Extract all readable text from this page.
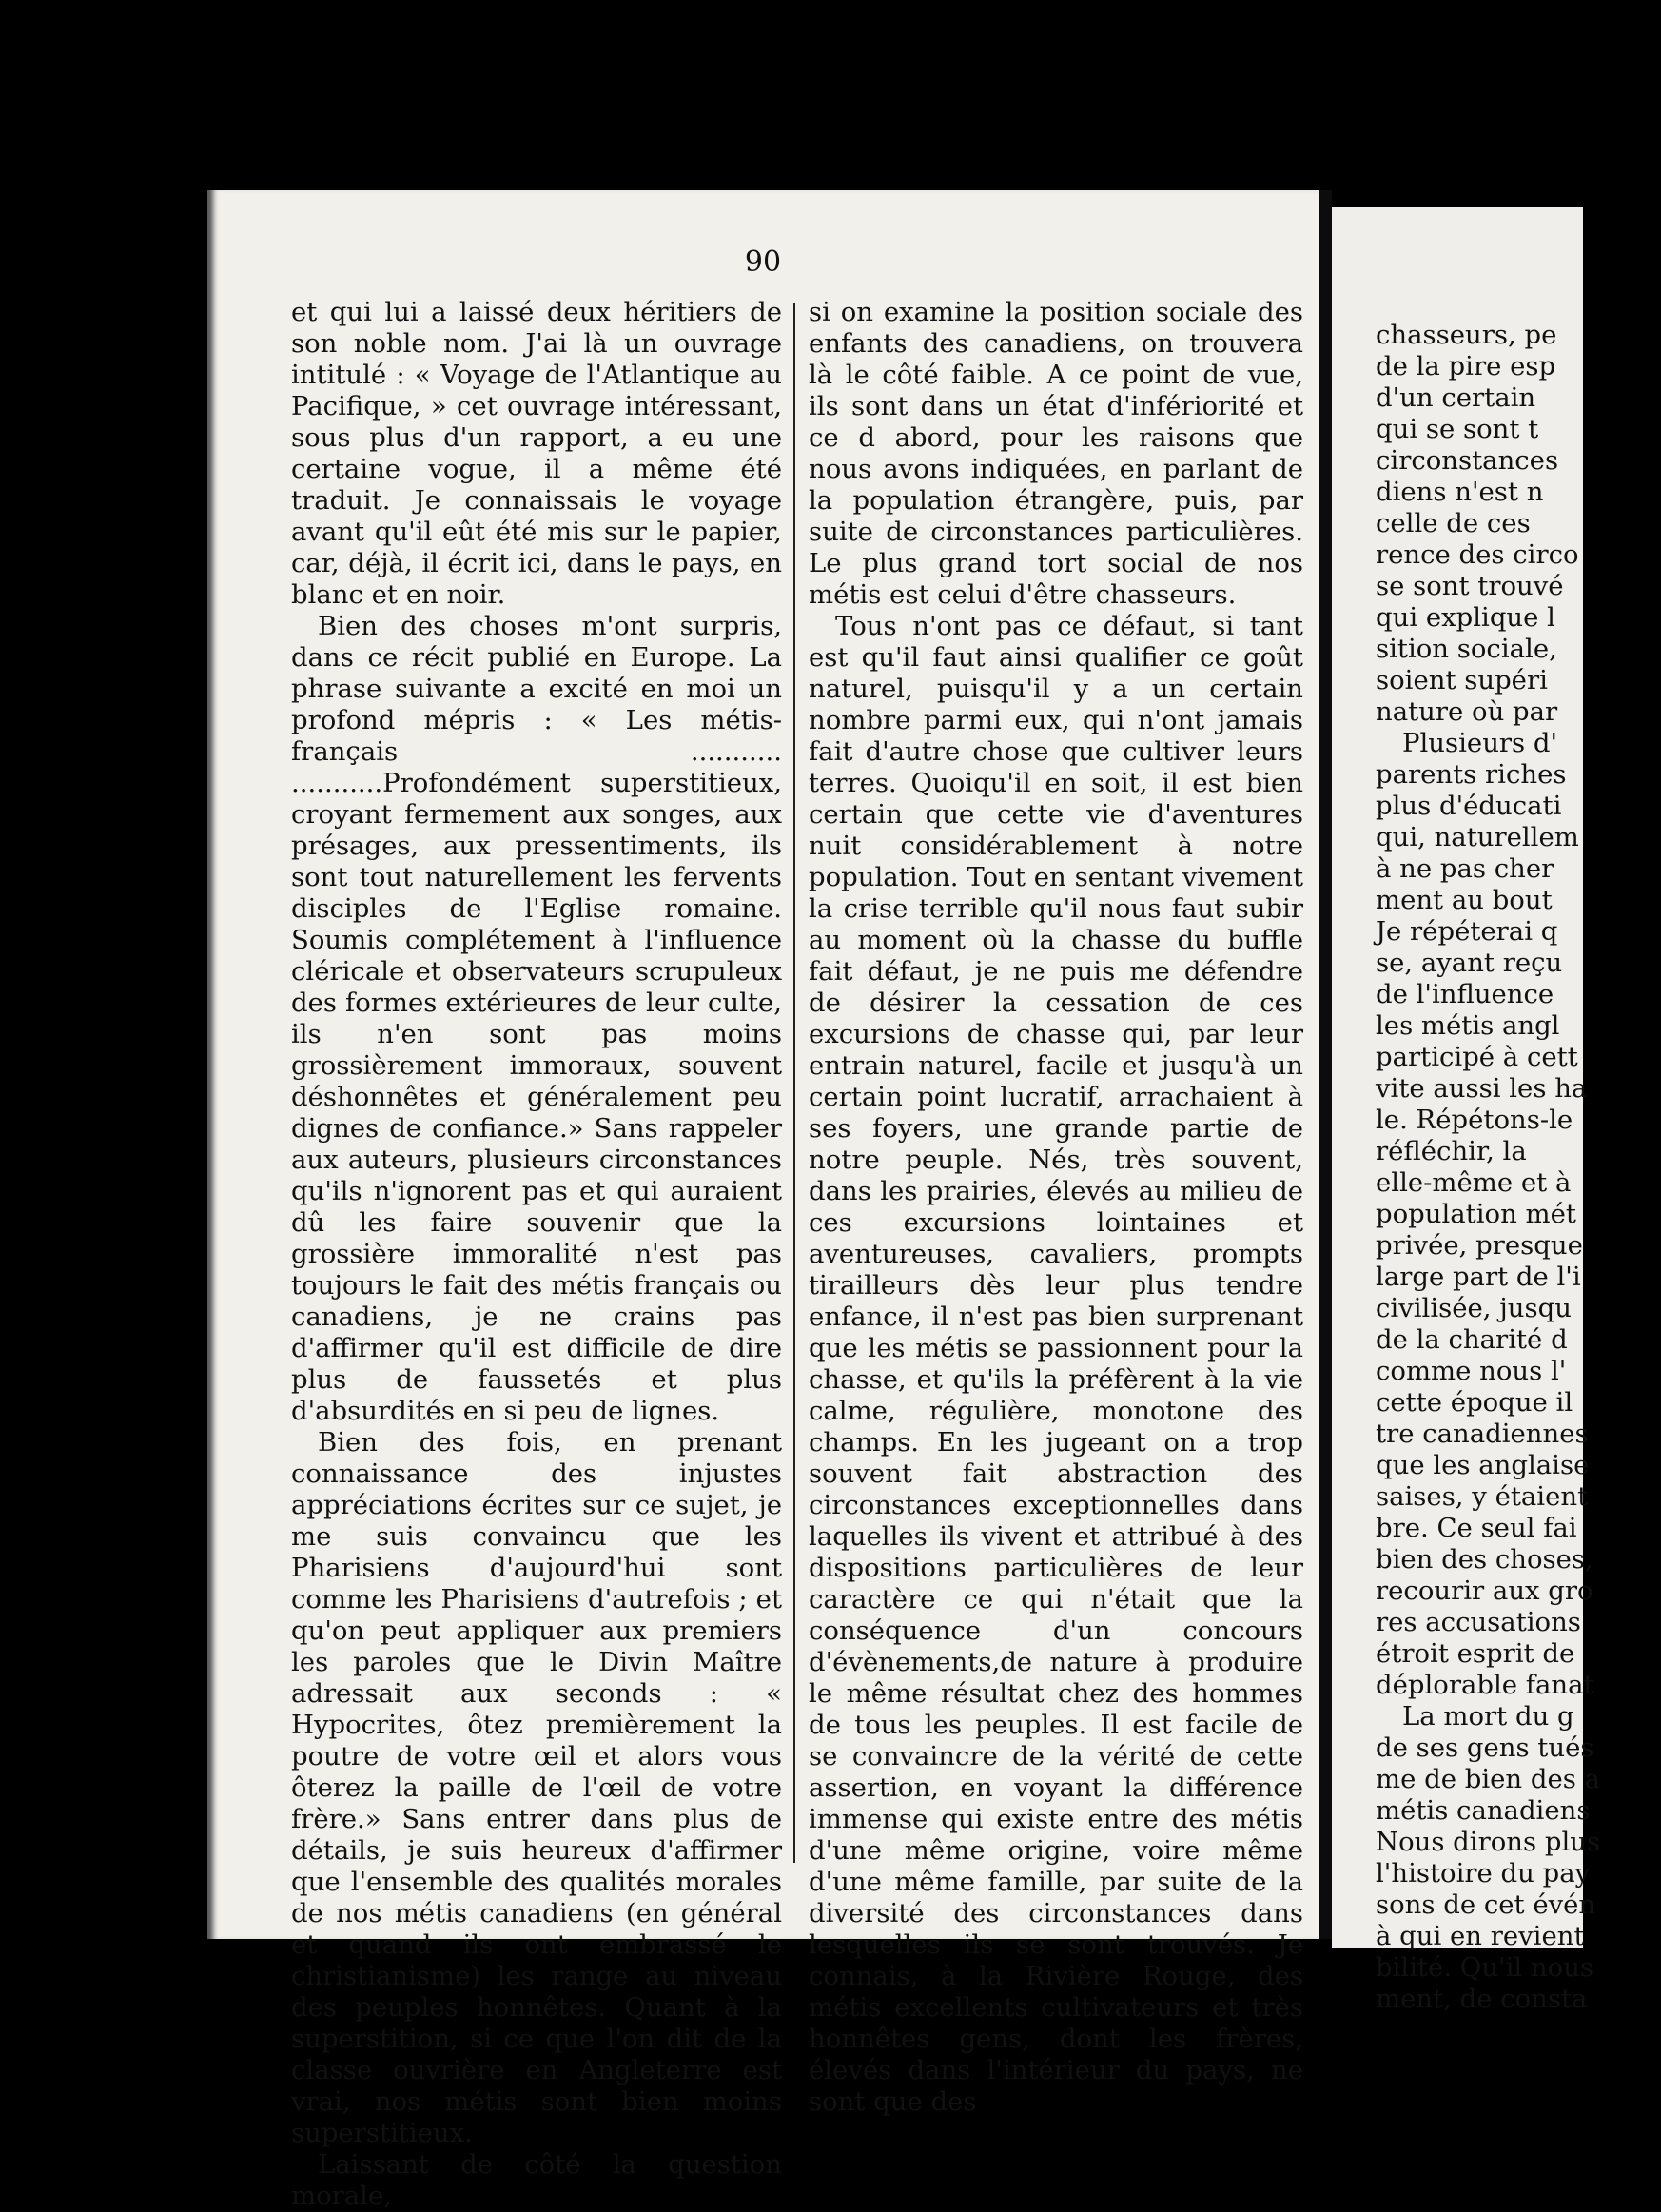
90

et qui lui a laissé deux héritiers de son noble nom. J'ai là un ouvrage intitulé : « Voyage de l'Atlantique au Pacifique, » cet ouvrage intéressant, sous plus d'un rapport, a eu une certaine vogue, il a même été traduit. Je connaissais le voyage avant qu'il eût été mis sur le papier, car, déjà, il écrit ici, dans le pays, en blanc et en noir.

Bien des choses m'ont surpris, dans ce récit publié en Europe. La phrase suivante a excité en moi un profond mépris : « Les métis-français ........... ...........Profondément superstitieux, croyant fermement aux songes, aux présages, aux pressentiments, ils sont tout naturellement les fervents disciples de l'Eglise romaine. Soumis complétement à l'influence cléricale et observateurs scrupuleux des formes extérieures de leur culte, ils n'en sont pas moins grossièrement immoraux, souvent déshonnêtes et généralement peu dignes de confiance.» Sans rappeler aux auteurs, plusieurs circonstances qu'ils n'ignorent pas et qui auraient dû les faire souvenir que la grossière immoralité n'est pas toujours le fait des métis français ou canadiens, je ne crains pas d'affirmer qu'il est difficile de dire plus de faussetés et plus d'absurdités en si peu de lignes.

Bien des fois, en prenant connaissance des injustes appréciations écrites sur ce sujet, je me suis convaincu que les Pharisiens d'aujourd'hui sont comme les Pharisiens d'autrefois ; et qu'on peut appliquer aux premiers les paroles que le Divin Maître adressait aux seconds : « Hypocrites, ôtez premièrement la poutre de votre œil et alors vous ôterez la paille de l'œil de votre frère.» Sans entrer dans plus de détails, je suis heureux d'affirmer que l'ensemble des qualités morales de nos métis canadiens (en général et quand ils ont embrassé le christianisme) les range au niveau des peuples honnêtes. Quant à la superstition, si ce que l'on dit de la classe ouvrière en Angleterre est vrai, nos métis sont bien moins superstitieux.

Laissant de côté la question morale,

si on examine la position sociale des enfants des canadiens, on trouvera là le côté faible. A ce point de vue, ils sont dans un état d'infériorité et ce d abord, pour les raisons que nous avons indiquées, en parlant de la population étrangère, puis, par suite de circonstances particulières. Le plus grand tort social de nos métis est celui d'être chasseurs.

Tous n'ont pas ce défaut, si tant est qu'il faut ainsi qualifier ce goût naturel, puisqu'il y a un certain nombre parmi eux, qui n'ont jamais fait d'autre chose que cultiver leurs terres. Quoiqu'il en soit, il est bien certain que cette vie d'aventures nuit considérablement à notre population. Tout en sentant vivement la crise terrible qu'il nous faut subir au moment où la chasse du buffle fait défaut, je ne puis me défendre de désirer la cessation de ces excursions de chasse qui, par leur entrain naturel, facile et jusqu'à un certain point lucratif, arrachaient à ses foyers, une grande partie de notre peuple. Nés, très souvent, dans les prairies, élevés au milieu de ces excursions lointaines et aventureuses, cavaliers, prompts tirailleurs dès leur plus tendre enfance, il n'est pas bien surprenant que les métis se passionnent pour la chasse, et qu'ils la préfèrent à la vie calme, régulière, monotone des champs. En les jugeant on a trop souvent fait abstraction des circonstances exceptionnelles dans laquelles ils vivent et attribué à des dispositions particulières de leur caractère ce qui n'était que la conséquence d'un concours d'évènements,de nature à produire le même résultat chez des hommes de tous les peuples. Il est facile de se convaincre de la vérité de cette assertion, en voyant la différence immense qui existe entre des métis d'une même origine, voire même d'une même famille, par suite de la diversité des circonstances dans lesquelles ils se sont trouvés. Je connais, à la Rivière Rouge, des métis excellents cultivateurs et très honnêtes gens, dont les frères, élevés dans l'intérieur du pays, ne sont que des

chasseurs, pe
de la pire esp
d'un certain
qui se sont t
circonstances
diens n'est n
celle de ces
rence des circo
se sont trouvé
qui explique l
sition sociale,
soient supéri
nature où par
Plusieurs d'
parents riches
plus d'éducati
qui, naturellem
à ne pas cher
ment au bout
Je répéterai q
se, ayant reçu
de l'influence
les métis angl
participé à cett
vite aussi les ha
le. Répétons-le
réfléchir, la
elle-même et à
population mét
privée, presque
large part de l'i
civilisée, jusqu
de la charité d
comme nous l'
cette époque il
tre canadiennes
que les anglaise
saises, y étaient
bre. Ce seul fai
bien des choses,
recourir aux gro
res accusations
étroit esprit de
déplorable fanat
La mort du g
de ses gens tués
me de bien des a
métis canadiens
Nous dirons plus
l'histoire du pay
sons de cet évén
à qui en revient
bilité. Qu'il nous
ment, de consta
